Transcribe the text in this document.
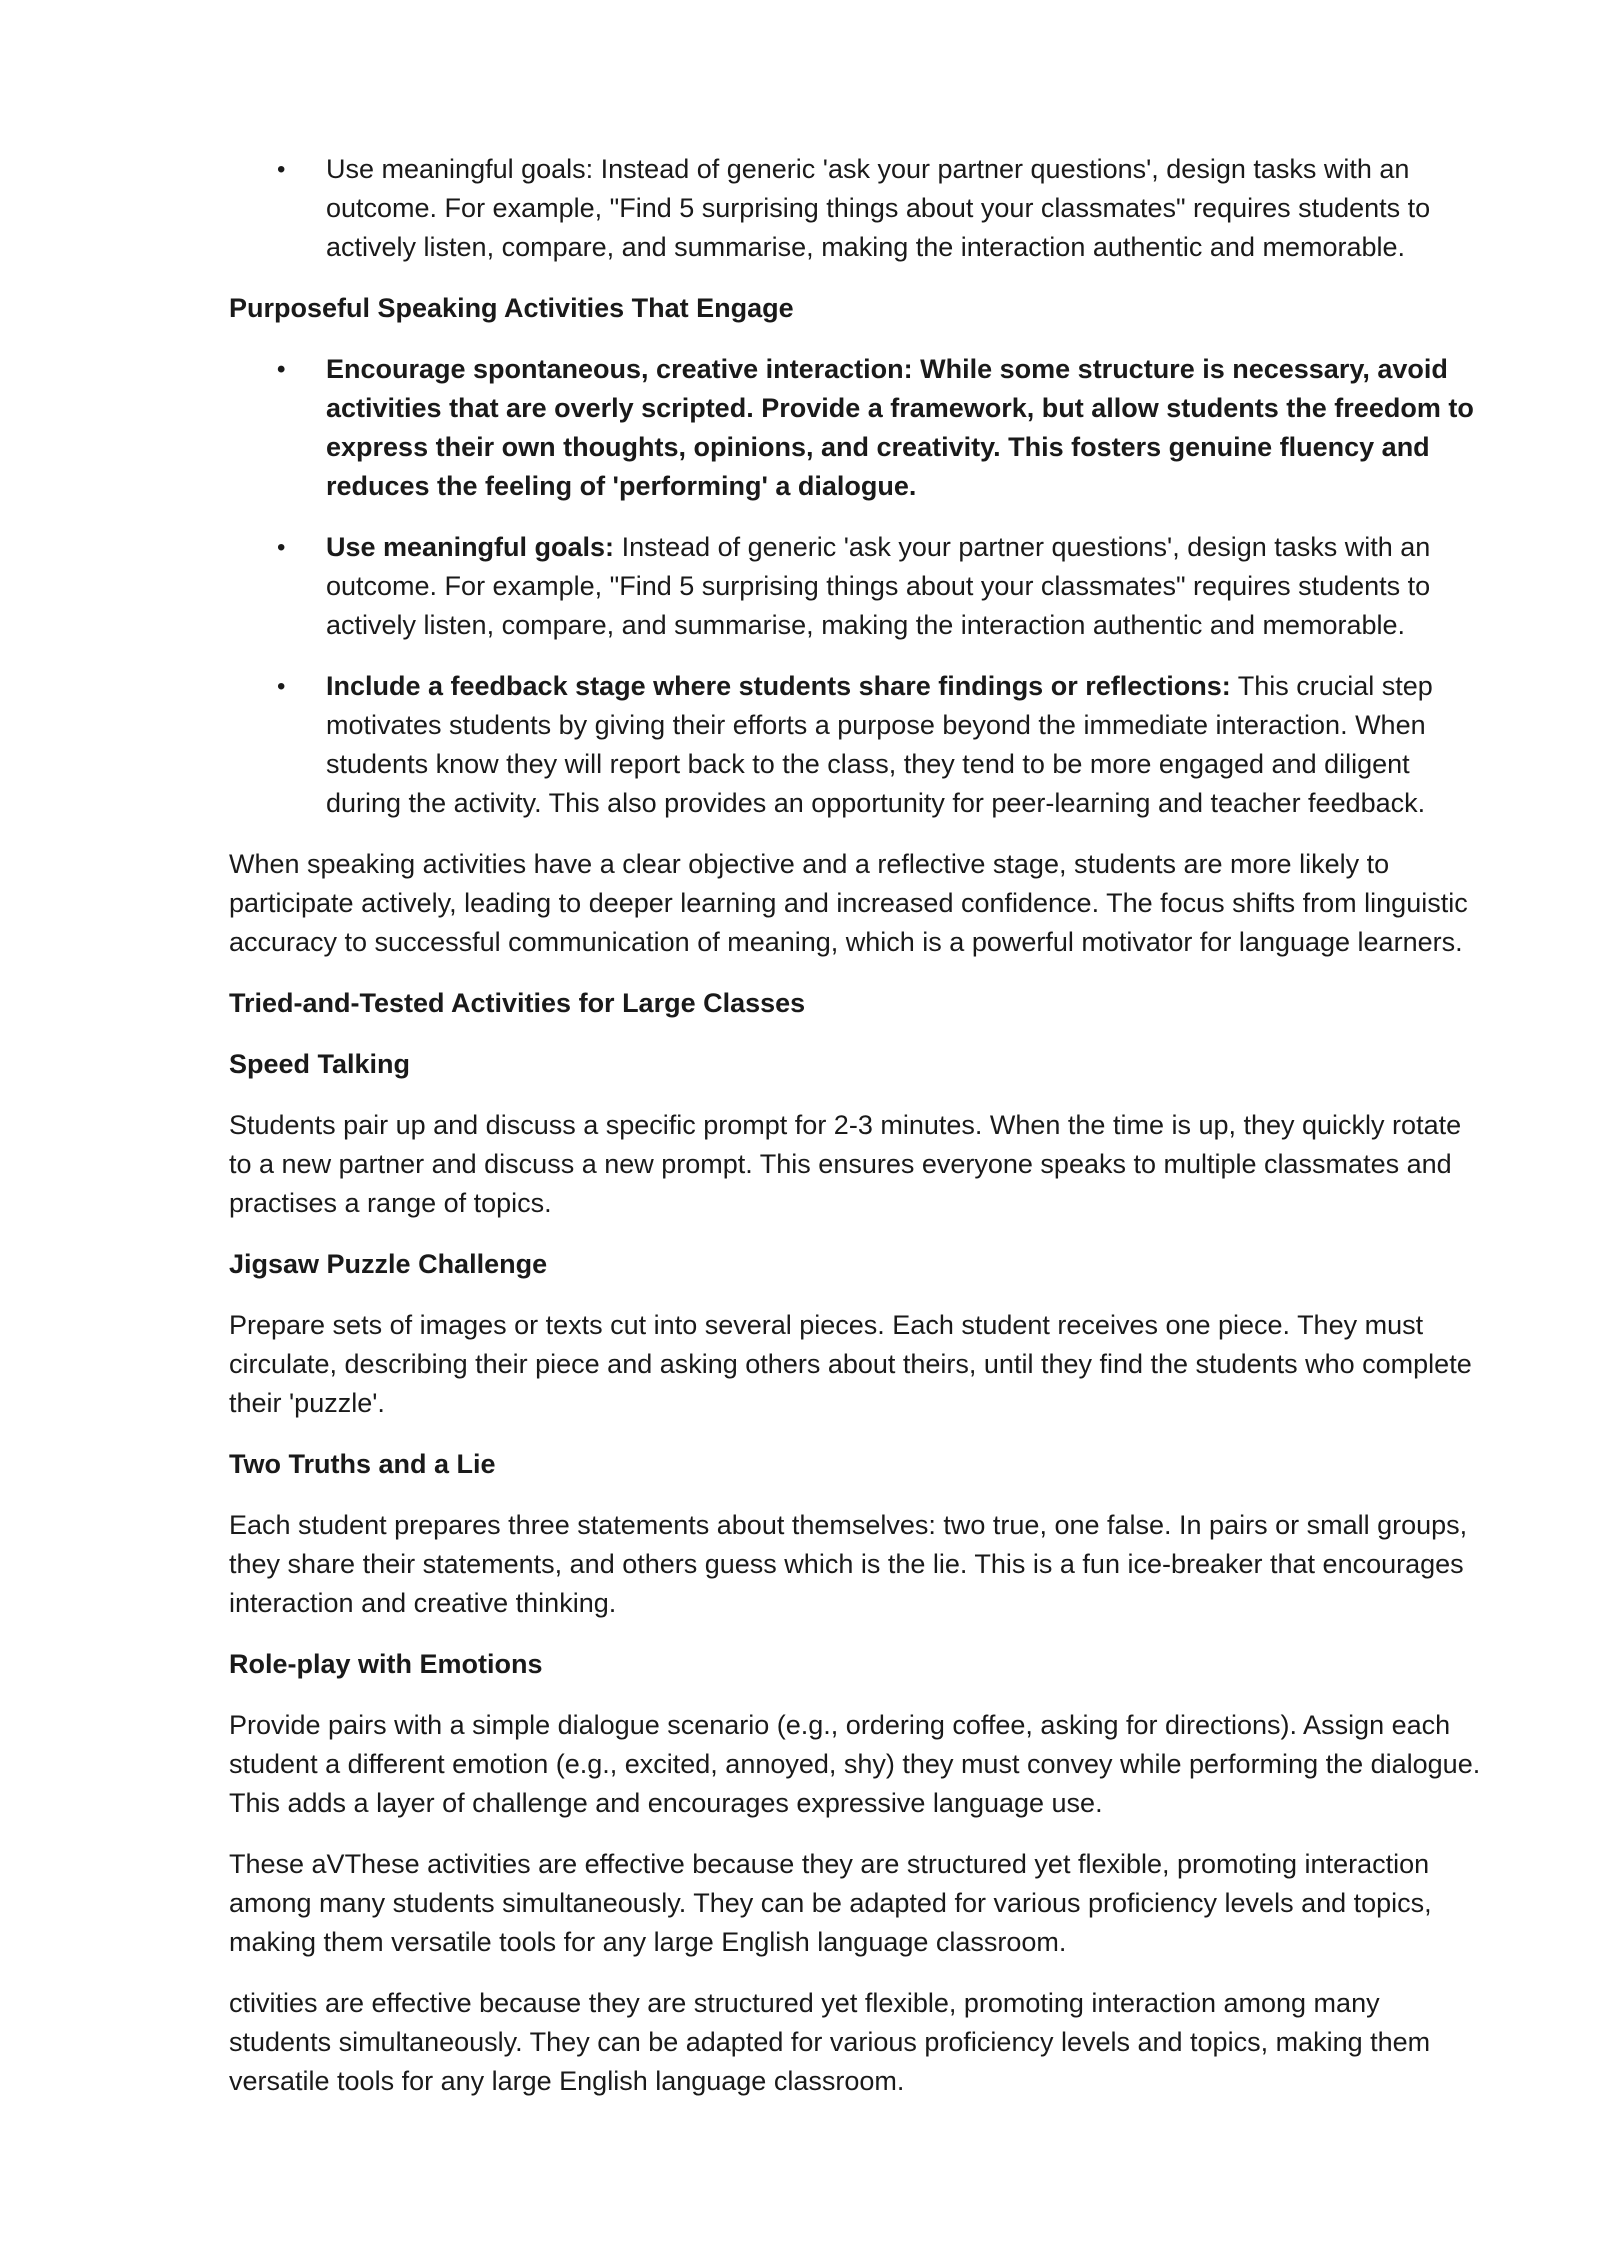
• Use meaningful goals: Instead of generic 'ask your partner questions', design tasks with an outcome. For example, "Find 5 surprising things about your classmates" requires students to actively listen, compare, and summarise, making the interaction authentic and memorable.

Purposeful Speaking Activities That Engage

• Encourage spontaneous, creative interaction: While some structure is necessary, avoid activities that are overly scripted. Provide a framework, but allow students the freedom to express their own thoughts, opinions, and creativity. This fosters genuine fluency and reduces the feeling of 'performing' a dialogue.
• Use meaningful goals: Instead of generic 'ask your partner questions', design tasks with an outcome. For example, "Find 5 surprising things about your classmates" requires students to actively listen, compare, and summarise, making the interaction authentic and memorable.
• Include a feedback stage where students share findings or reflections: This crucial step motivates students by giving their efforts a purpose beyond the immediate interaction. When students know they will report back to the class, they tend to be more engaged and diligent during the activity. This also provides an opportunity for peer-learning and teacher feedback.

When speaking activities have a clear objective and a reflective stage, students are more likely to participate actively, leading to deeper learning and increased confidence. The focus shifts from linguistic accuracy to successful communication of meaning, which is a powerful motivator for language learners.

Tried-and-Tested Activities for Large Classes

Speed Talking

Students pair up and discuss a specific prompt for 2-3 minutes. When the time is up, they quickly rotate to a new partner and discuss a new prompt. This ensures everyone speaks to multiple classmates and practises a range of topics.

Jigsaw Puzzle Challenge

Prepare sets of images or texts cut into several pieces. Each student receives one piece. They must circulate, describing their piece and asking others about theirs, until they find the students who complete their 'puzzle'.

Two Truths and a Lie

Each student prepares three statements about themselves: two true, one false. In pairs or small groups, they share their statements, and others guess which is the lie. This is a fun ice-breaker that encourages interaction and creative thinking.

Role-play with Emotions

Provide pairs with a simple dialogue scenario (e.g., ordering coffee, asking for directions). Assign each student a different emotion (e.g., excited, annoyed, shy) they must convey while performing the dialogue. This adds a layer of challenge and encourages expressive language use.

These aVThese activities are effective because they are structured yet flexible, promoting interaction among many students simultaneously. They can be adapted for various proficiency levels and topics, making them versatile tools for any large English language classroom.

ctivities are effective because they are structured yet flexible, promoting interaction among many students simultaneously. They can be adapted for various proficiency levels and topics, making them versatile tools for any large English language classroom.
